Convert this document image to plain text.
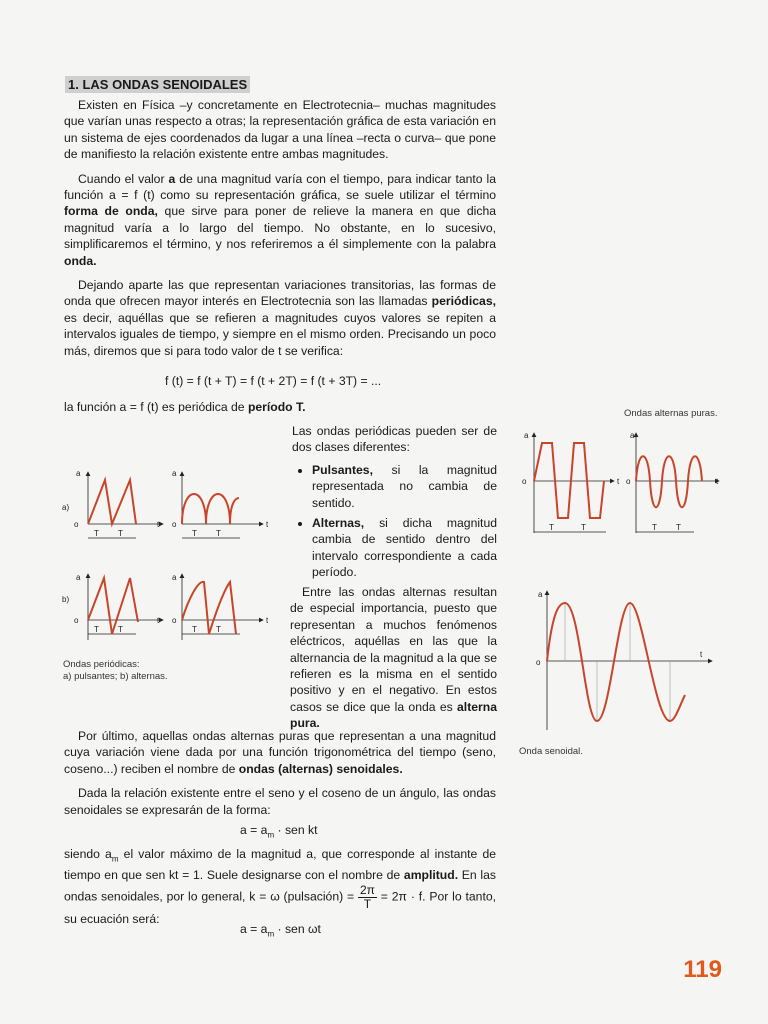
1. LAS ONDAS SENOIDALES

Existen en Física –y concretamente en Electrotecnia– muchas magnitudes que varían unas respecto a otras; la representación gráfica de esta variación en un sistema de ejes coordenados da lugar a una línea –recta o curva– que pone de manifiesto la relación existente entre ambas magnitudes.

Cuando el valor a de una magnitud varía con el tiempo, para indicar tanto la función a = f (t) como su representación gráfica, se suele utilizar el término forma de onda, que sirve para poner de relieve la manera en que dicha magnitud varía a lo largo del tiempo. No obstante, en lo sucesivo, simplificaremos el término, y nos referiremos a él simplemente con la palabra onda.

Dejando aparte las que representan variaciones transitorias, las formas de onda que ofrecen mayor interés en Electrotecnia son las llamadas periódicas, es decir, aquéllas que se refieren a magnitudes cuyos valores se repiten a intervalos iguales de tiempo, y siempre en el mismo orden. Precisando un poco más, diremos que si para todo valor de t se verifica:

f (t) = f (t + T) = f (t + 2T) = f (t + 3T) = ...
la función a = f (t) es periódica de período T.
Las ondas periódicas pueden ser de dos clases diferentes:
• Pulsantes, si la magnitud representada no cambia de sentido.
• Alternas, si dicha magnitud cambia de sentido dentro del intervalo correspondiente a cada período.
Entre las ondas alternas resultan de especial importancia, puesto que representan a muchos fenómenos eléctricos, aquéllas en las que la alternancia de la magnitud a la que se refieren es la misma en el sentido positivo y en el negativo. En estos casos se dice que la onda es alterna pura.

Por último, aquellas ondas alternas puras que representan a una magnitud cuya variación viene dada por una función trigonométrica del tiempo (seno, coseno...) reciben el nombre de ondas (alternas) senoidales.

Dada la relación existente entre el seno y el coseno de un ángulo, las ondas senoidales se expresarán de la forma:

$a = a_m$ · sen kt
siendo $a_m$ el valor máximo de la magnitud a, que corresponde al instante de tiempo en que sen kt = 1. Suele designarse con el nombre de amplitud. En las ondas senoidales, por lo general, k = ω (pulsación) = $\frac{2\pi}{T} = 2\pi \cdot f$. Por lo tanto, su ecuación será:
$a = a_m$ · sen ωt
Ondas periódicas:
a) pulsantes; b) alternas.
Ondas alternas puras.
Onda senoidal.
119
a	a
a	a
o	o
o	o
t	t
t	t
T T	T T
T T	T T
a)
b)
a	a
o	o
t	t
T	T	T T
a
o
t
